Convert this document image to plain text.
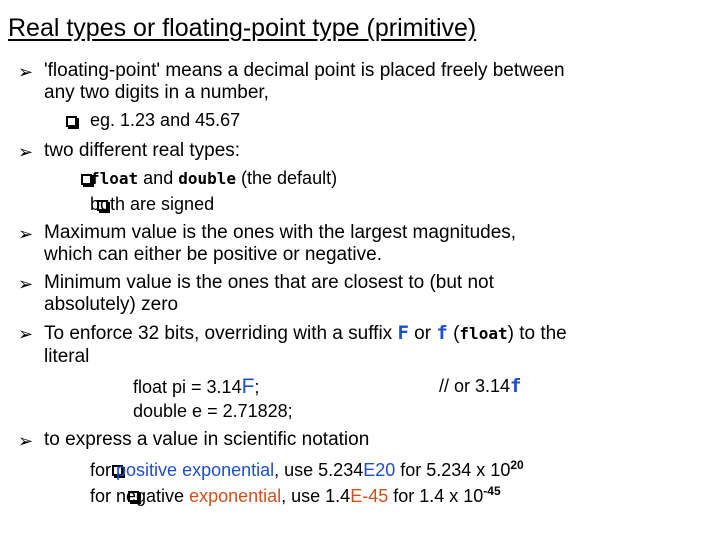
Real types or floating-point type (primitive)
➢ 'floating-point' means a decimal point is placed freely between
any two digits in a number,

eg. 1.23 and 45.67
➢ two different real types:

float and double (the default)

both are signed
➢ Maximum value is the ones with the largest magnitudes,
which can either be positive or negative.
➢ Minimum value is the ones that are closest to (but not
absolutely) zero
➢ To enforce 32 bits, overriding with a suffix F or f (float) to the
literal
float pi = 3.14F;	// or 3.14f
double e = 2.71828;
➢ to express a value in scientific notation

for positive exponential, use 5.234E20 for 5.234 x $10^{20}$
for negative exponential, use 1.4E-45 for 1.4 x $10^{-45}$
